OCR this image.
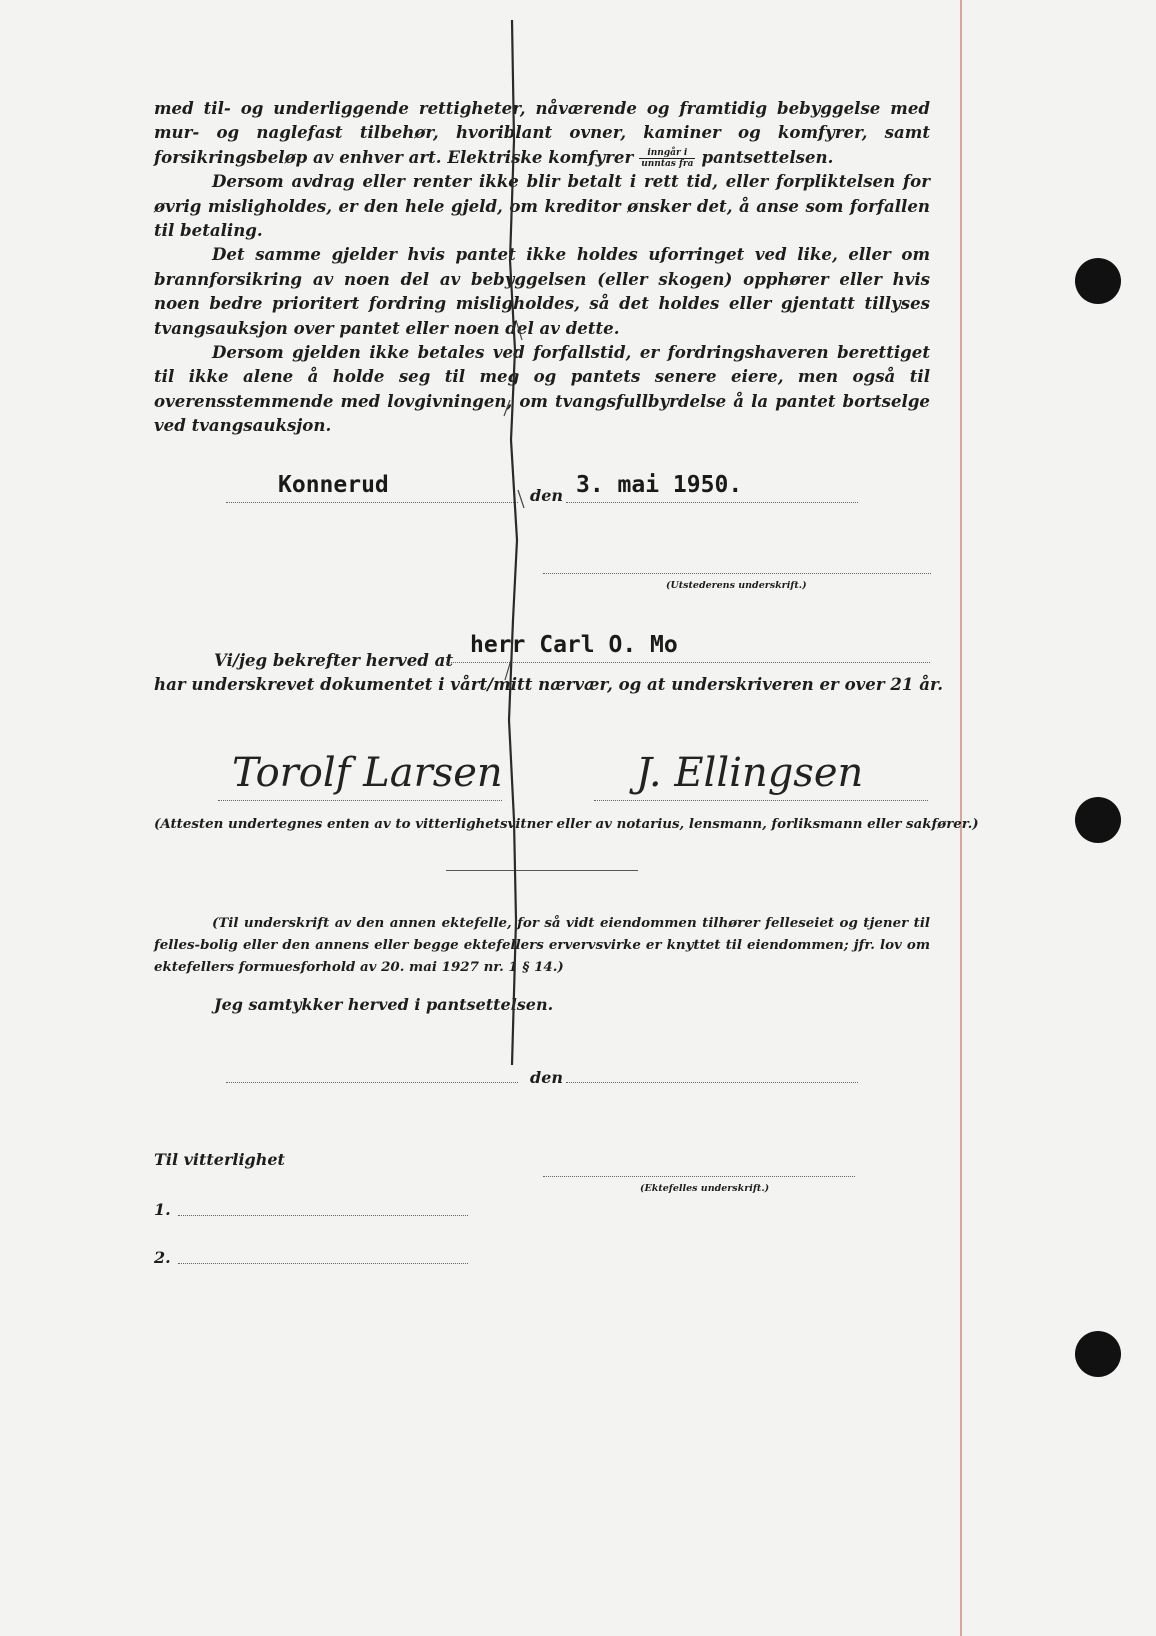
med til- og underliggende rettigheter, nåværende og framtidig bebyggelse med mur- og naglefast tilbehør, hvoriblant ovner, kaminer og komfyrer, samt forsikringsbeløp av enhver art. Elektriske komfyrer $\frac{\text{inngår i}}{\text{unntas fra}}$ pantsettelsen.

Dersom avdrag eller renter ikke blir betalt i rett tid, eller forpliktelsen for øvrig misligholdes, er den hele gjeld, om kreditor ønsker det, å anse som forfallen til betaling.

Det samme gjelder hvis pantet ikke holdes uforringet ved like, eller om brannforsikring av noen del av bebyggelsen (eller skogen) opphører eller hvis noen bedre prioritert fordring misligholdes, så det holdes eller gjentatt tillyses tvangsauksjon over pantet eller noen del av dette.

Dersom gjelden ikke betales ved forfallstid, er fordringshaveren berettiget til ikke alene å holde seg til meg og pantets senere eiere, men også til overensstemmende med lovgivningen, om tvangsfullbyrdelse å la pantet bortselge ved tvangsauksjon.

Konnerud	den 3. mai 1950.
(Utstederens underskrift.)
Vi/jeg bekrefter herved at
herr Carl O. Mo
har underskrevet dokumentet i vårt/mitt nærvær, og at underskriveren er over 21 år.
Torolf Larsen	J. Ellingsen
(Attesten undertegnes enten av to vitterlighetsvitner eller av notarius, lensmann, forliksmann eller sakfører.)

(Til underskrift av den annen ektefelle, for så vidt eiendommen tilhører felleseiet og tjener til felles-bolig eller den annens eller begge ektefellers ervervsvirke er knyttet til eiendommen; jfr. lov om ektefellers formuesforhold av 20. mai 1927 nr. 1 § 14.)

Jeg samtykker herved i pantsettelsen.
den
Til vitterlighet
(Ektefelles underskrift.)
1.
2.
